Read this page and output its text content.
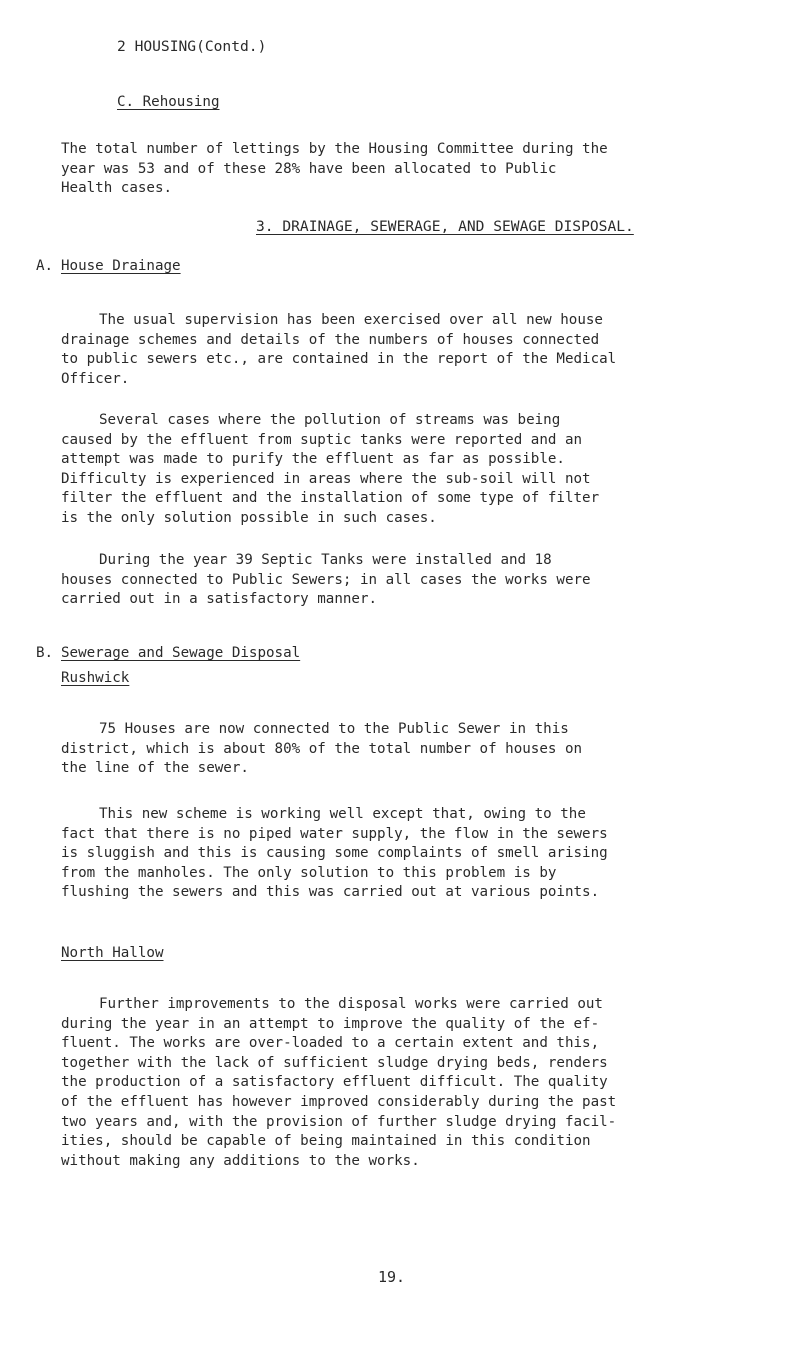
2 HOUSING(Contd.)
C. Rehousing
The total number of lettings by the Housing Committee during the
year was 53 and of these 28% have been allocated to Public
Health cases.
3. DRAINAGE, SEWERAGE, AND SEWAGE DISPOSAL.
A. House Drainage
The usual supervision has been exercised over all new house
drainage schemes and details of the numbers of houses connected
to public sewers etc., are contained in the report of the Medical
Officer.
Several cases where the pollution of streams was being
caused by the effluent from suptic tanks were reported and an
attempt was made to purify the effluent as far as possible.
Difficulty is experienced in areas where the sub-soil will not
filter the effluent and the installation of some type of filter
is the only solution possible in such cases.
During the year 39 Septic Tanks were installed and 18
houses connected to Public Sewers; in all cases the works were
carried out in a satisfactory manner.
B. Sewerage and Sewage Disposal
Rushwick
75 Houses are now connected to the Public Sewer in this
district, which is about 80% of the total number of houses on
the line of the sewer.
This new scheme is working well except that, owing to the
fact that there is no piped water supply, the flow in the sewers
is sluggish and this is causing some complaints of smell arising
from the manholes. The only solution to this problem is by
flushing the sewers and this was carried out at various points.
North Hallow
Further improvements to the disposal works were carried out
during the year in an attempt to improve the quality of the ef-
fluent. The works are over-loaded to a certain extent and this,
together with the lack of sufficient sludge drying beds, renders
the production of a satisfactory effluent difficult. The quality
of the effluent has however improved considerably during the past
two years and, with the provision of further sludge drying facil-
ities, should be capable of being maintained in this condition
without making any additions to the works.
19.
